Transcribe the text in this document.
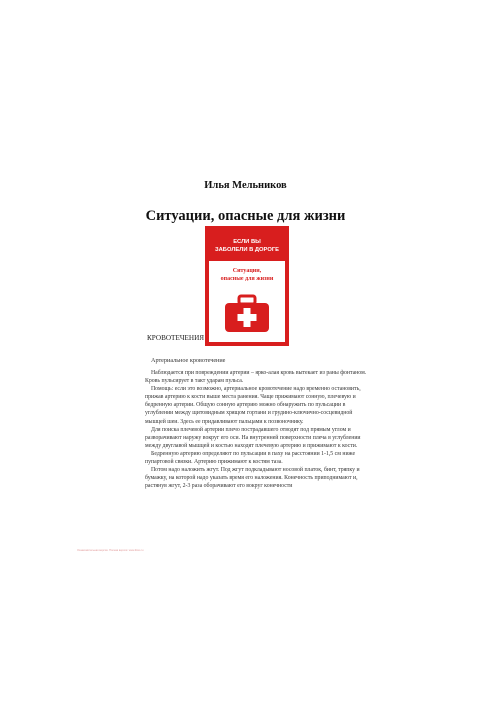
Илья Мельников
Ситуации, опасные для жизни
ЕСЛИ ВЫ
ЗАБОЛЕЛИ В ДОРОГЕ
Ситуации,
опасные для жизни
КРОВОТЕЧЕНИЯ
Артериальное кровотечение

Наблюдается при повреждении артерии – ярко-алая кровь вытекает из раны фонтаном. Кровь пульсирует в такт ударам пульса.

Помощь: если это возможно, артериальное кровотечение надо временно остановить, прижав артерию к кости выше места ранения. Чаще прижимают сонную, плечевую и бедренную артерии. Общую сонную артерию можно обнаружить по пульсации в углублении между щитовидным хрящом гортани и грудино-ключично-сосцевидной мышцей шеи. Здесь ее придавливают пальцами к позвоночнику.

Для поиска плечевой артерии плечо пострадавшего отводят под прямым углом и разворачивают наружу вокруг его оси. На внутренней поверхности плеча в углублении между двуглавой мышцей и костью находят плечевую артерию и прижимают к кости.

Бедренную артерию определяют по пульсации в паху на расстоянии 1-1,5 см ниже пупартовой связки. Артерию прижимают к костям таза.

Потом надо наложить жгут. Под жгут подкладывают носовой платок, бинт, тряпку и бумажку, на которой надо указать время его наложения. Конечность приподнимают и, растянув жгут, 2-3 раза оборачивают его вокруг конечности

Ознакомительная версия. Полная версия: www.litres.ru
